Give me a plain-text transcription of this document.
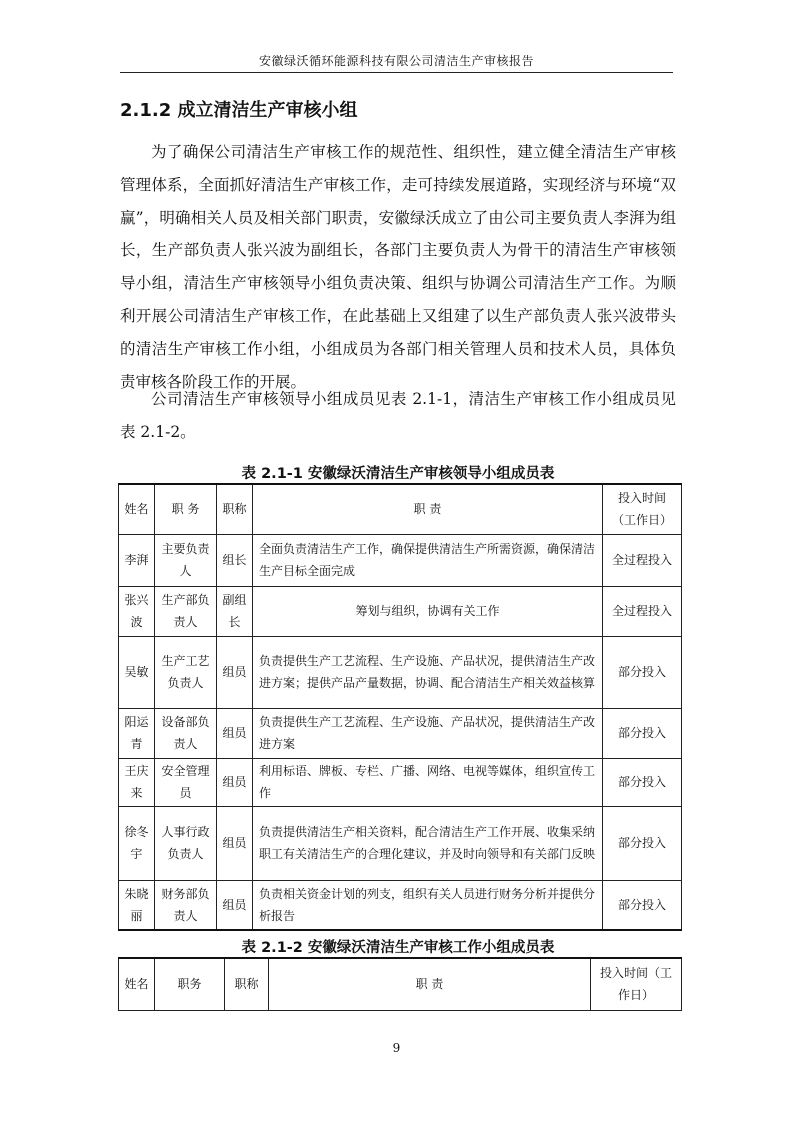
安徽绿沃循环能源科技有限公司清洁生产审核报告
2.1.2 成立清洁生产审核小组

为了确保公司清洁生产审核工作的规范性、组织性，建立健全清洁生产审核管理体系，全面抓好清洁生产审核工作，走可持续发展道路，实现经济与环境“双赢”，明确相关人员及相关部门职责，安徽绿沃成立了由公司主要负责人李湃为组长，生产部负责人张兴波为副组长，各部门主要负责人为骨干的清洁生产审核领导小组，清洁生产审核领导小组负责决策、组织与协调公司清洁生产工作。为顺利开展公司清洁生产审核工作，在此基础上又组建了以生产部负责人张兴波带头的清洁生产审核工作小组，小组成员为各部门相关管理人员和技术人员，具体负责审核各阶段工作的开展。

公司清洁生产审核领导小组成员见表 2.1-1，清洁生产审核工作小组成员见表 2.1-2。

表 2.1-1 安徽绿沃清洁生产审核领导小组成员表
姓名	职 务	职称	职 责	投入时间（工作日）
李湃	主要负责人	组长	全面负责清洁生产工作，确保提供清洁生产所需资源，确保清洁生产目标全面完成	全过程投入
张兴波	生产部负责人	副组长	筹划与组织，协调有关工作	全过程投入
吴敏	生产工艺负责人	组员	负责提供生产工艺流程、生产设施、产品状况，提供清洁生产改进方案；提供产品产量数据，协调、配合清洁生产相关效益核算	部分投入
阳运青	设备部负责人	组员	负责提供生产工艺流程、生产设施、产品状况，提供清洁生产改进方案	部分投入
王庆来	安全管理员	组员	利用标语、牌板、专栏、广播、网络、电视等媒体，组织宣传工作	部分投入
徐冬宇	人事行政负责人	组员	负责提供清洁生产相关资料，配合清洁生产工作开展、收集采纳职工有关清洁生产的合理化建议，并及时向领导和有关部门反映	部分投入
朱晓丽	财务部负责人	组员	负责相关资金计划的列支，组织有关人员进行财务分析并提供分析报告	部分投入
表 2.1-2 安徽绿沃清洁生产审核工作小组成员表
姓名	职务	职称	职 责	投入时间（工作日）
9
